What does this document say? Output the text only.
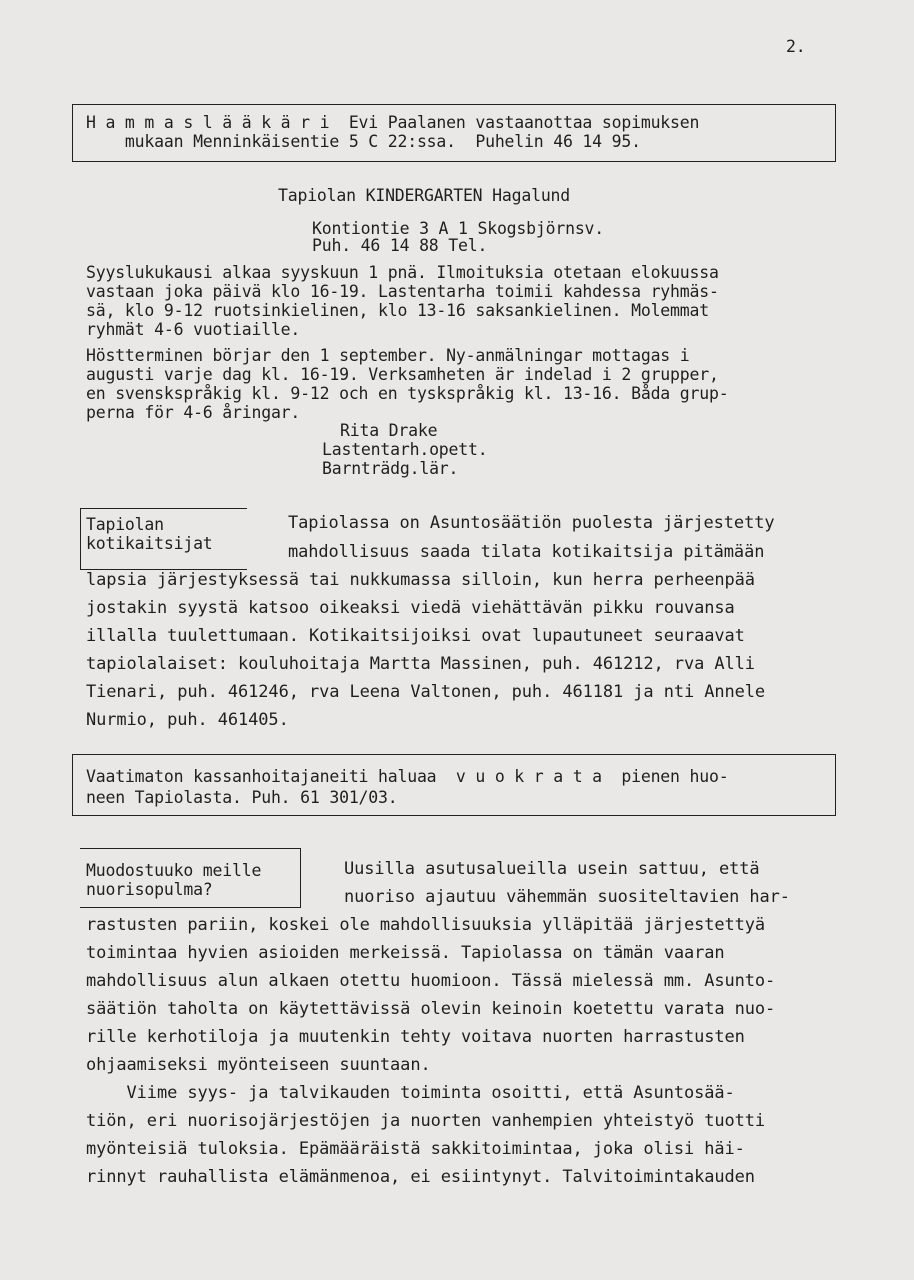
2.
H a m m a s l ä ä k ä r i  Evi Paalanen vastaanottaa sopimuksen
mukaan Menninkäisentie 5 C 22:ssa.  Puhelin 46 14 95.
Tapiolan KINDERGARTEN Hagalund
Kontiontie 3 A 1 Skogsbjörnsv.
Puh. 46 14 88 Tel.
Syyslukukausi alkaa syyskuun 1 pnä. Ilmoituksia otetaan elokuussa
vastaan joka päivä klo 16-19. Lastentarha toimii kahdessa ryhmäs-
sä, klo 9-12 ruotsinkielinen, klo 13-16 saksankielinen. Molemmat
ryhmät 4-6 vuotiaille.
Höstterminen börjar den 1 september. Ny-anmälningar mottagas i
augusti varje dag kl. 16-19. Verksamheten är indelad i 2 grupper,
en svenskspråkig kl. 9-12 och en tyskspråkig kl. 13-16. Båda grup-
perna för 4-6 åringar.
Rita Drake
Lastentarh.opett.
Barnträdg.lär.
Tapiolan
kotikaitsijat
Tapiolassa on Asuntosäätiön puolesta järjestetty
mahdollisuus saada tilata kotikaitsija pitämään
lapsia järjestyksessä tai nukkumassa silloin, kun herra perheenpää
jostakin syystä katsoo oikeaksi viedä viehättävän pikku rouvansa
illalla tuulettumaan. Kotikaitsijoiksi ovat lupautuneet seuraavat
tapiolalaiset: kouluhoitaja Martta Massinen, puh. 461212, rva Alli
Tienari, puh. 461246, rva Leena Valtonen, puh. 461181 ja nti Annele
Nurmio, puh. 461405.
Vaatimaton kassanhoitajaneiti haluaa  v u o k r a t a  pienen huo-
neen Tapiolasta. Puh. 61 301/03.
Muodostuuko meille
nuorisopulma?
Uusilla asutusalueilla usein sattuu, että
nuoriso ajautuu vähemmän suositeltavien har-
rastusten pariin, koskei ole mahdollisuuksia ylläpitää järjestettyä
toimintaa hyvien asioiden merkeissä. Tapiolassa on tämän vaaran
mahdollisuus alun alkaen otettu huomioon. Tässä mielessä mm. Asunto-
säätiön taholta on käytettävissä olevin keinoin koetettu varata nuo-
rille kerhotiloja ja muutenkin tehty voitava nuorten harrastusten
ohjaamiseksi myönteiseen suuntaan.
Viime syys- ja talvikauden toiminta osoitti, että Asuntosää-
tiön, eri nuorisojärjestöjen ja nuorten vanhempien yhteistyö tuotti
myönteisiä tuloksia. Epämääräistä sakkitoimintaa, joka olisi häi-
rinnyt rauhallista elämänmenoa, ei esiintynyt. Talvitoimintakauden
